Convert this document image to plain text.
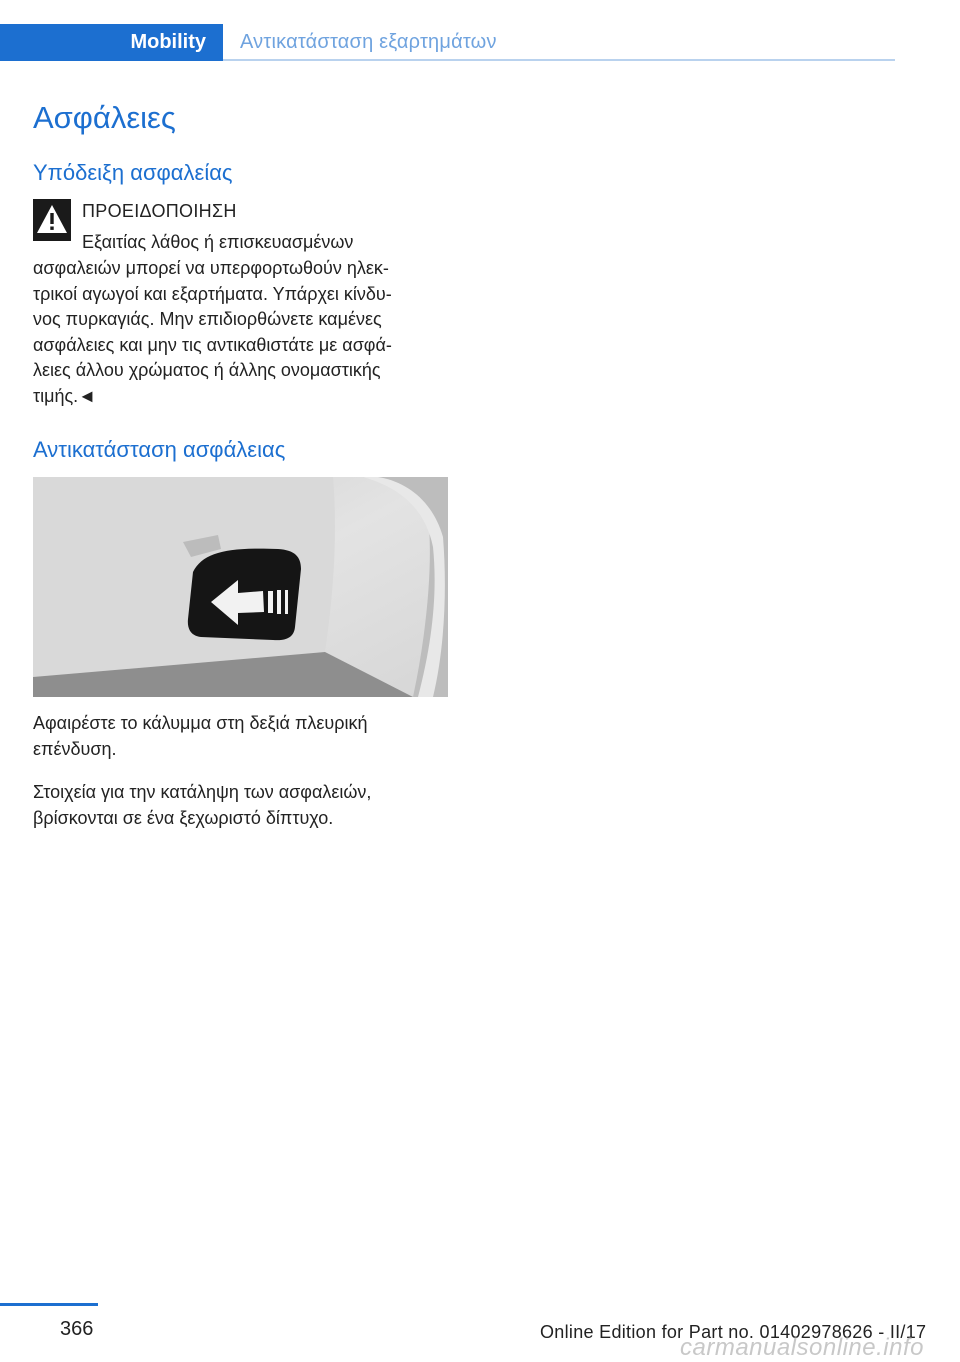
Mobility Αντικατάσταση εξαρτημάτων
Ασφάλειες
Υπόδειξη ασφαλείας
ΠΡΟΕΙΔΟΠΟΙΗΣΗ
Εξαιτίας λάθος ή επισκευασμένων
ασφαλειών μπορεί να υπερφορτωθούν ηλεκ-
τρικοί αγωγοί και εξαρτήματα. Υπάρχει κίνδυ-
νος πυρκαγιάς. Μην επιδιορθώνετε καμένες
ασφάλειες και μην τις αντικαθιστάτε με ασφά-
λειες άλλου χρώματος ή άλλης ονομαστικής
τιμής.◄
Αντικατάσταση ασφάλειας
Αφαιρέστε το κάλυμμα στη δεξιά πλευρική
επένδυση.
Στοιχεία για την κατάληψη των ασφαλειών,
βρίσκονται σε ένα ξεχωριστό δίπτυχο.
366	Online Edition for Part no. 01402978626 - II/17
carmanualsonline.info
